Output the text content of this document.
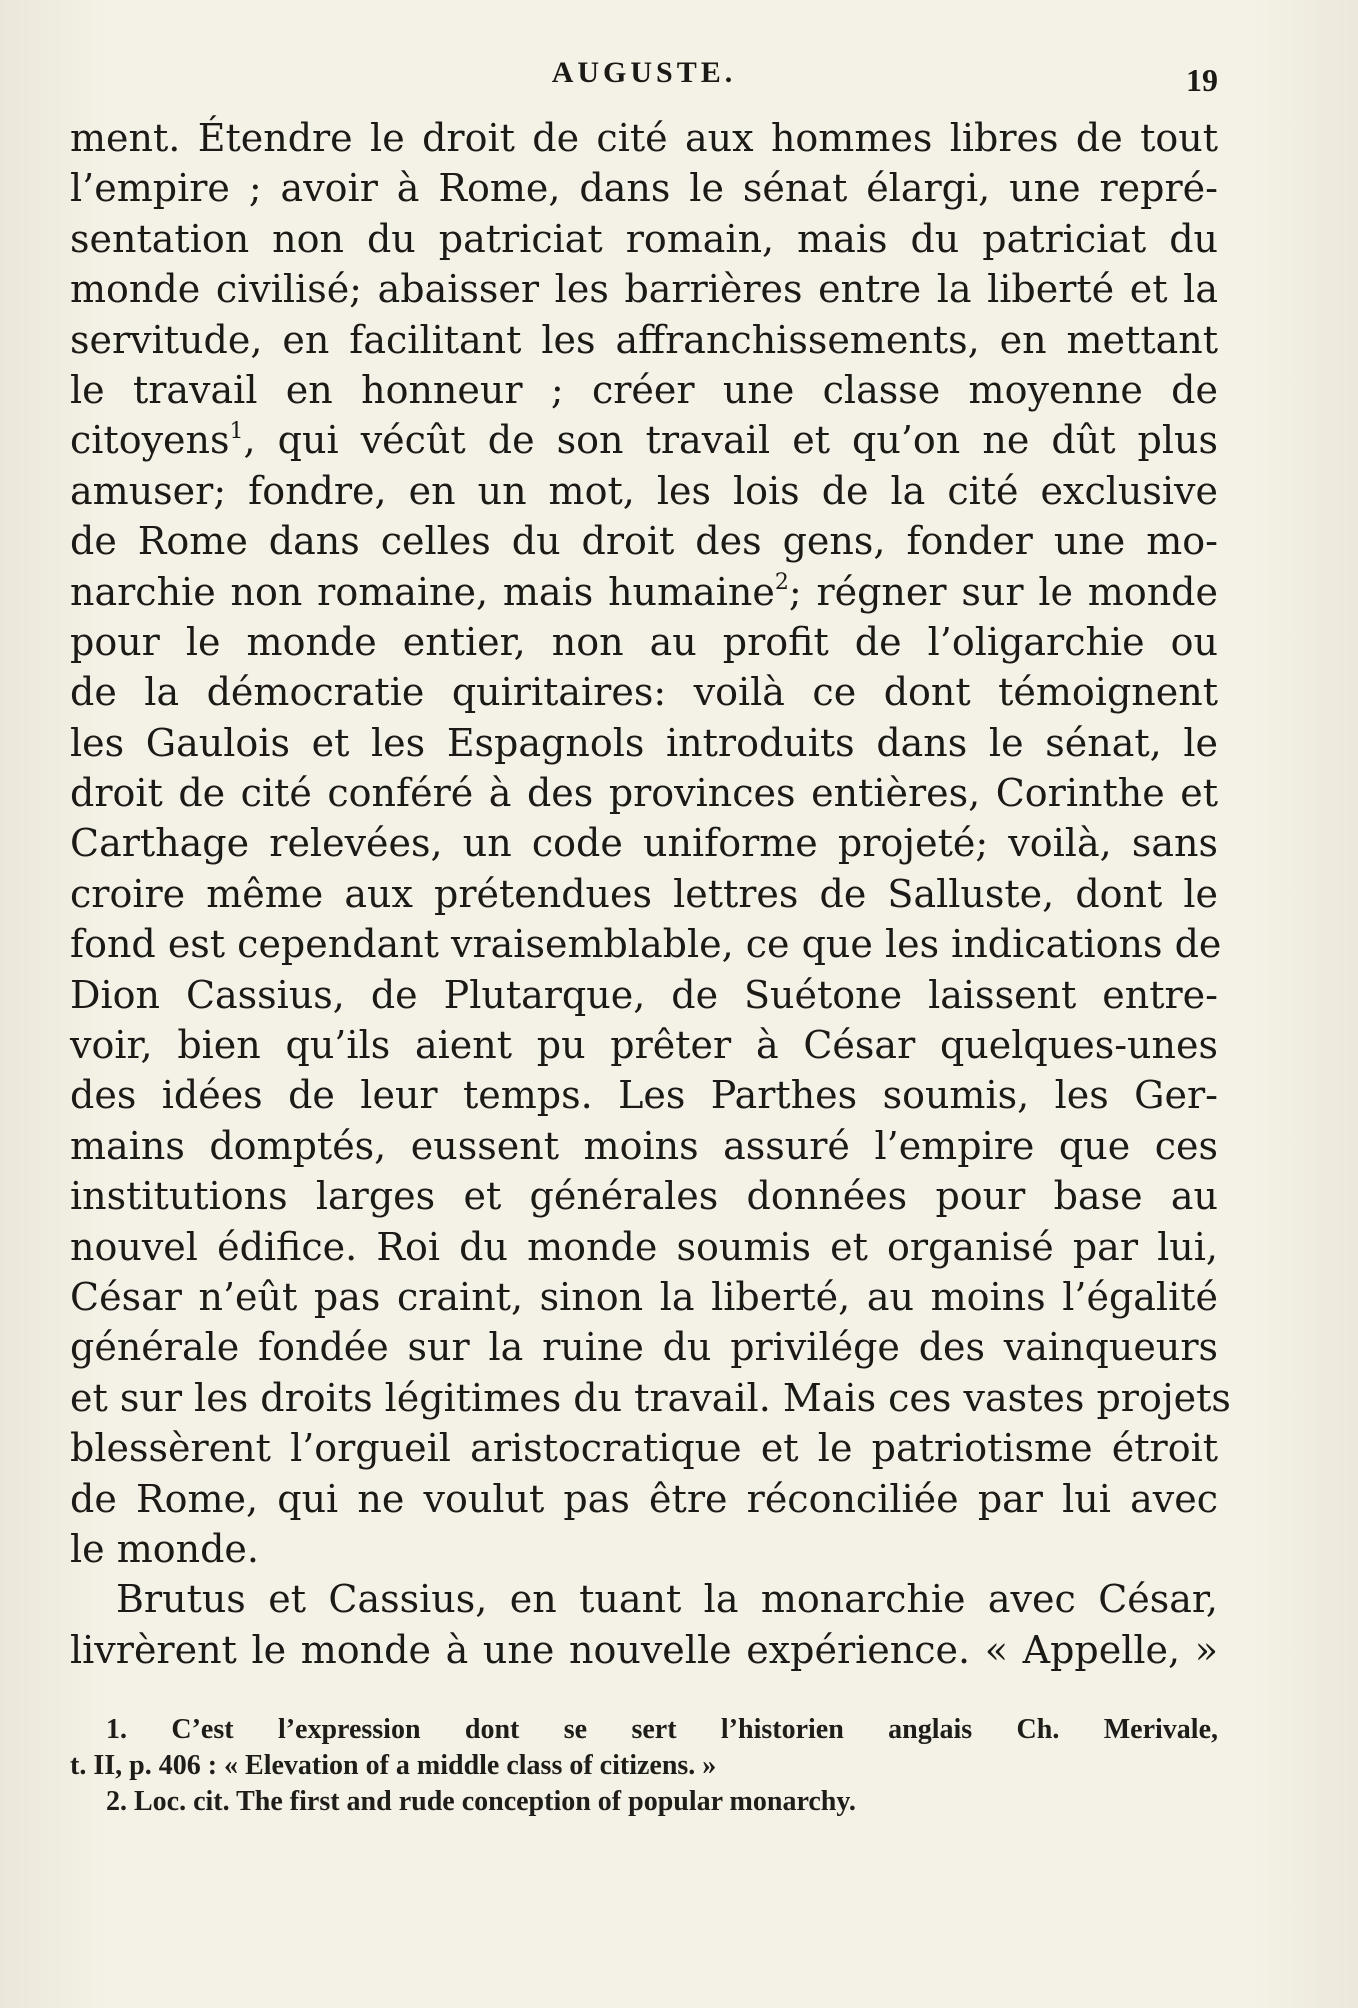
AUGUSTE.	19
ment. Étendre le droit de cité aux hommes libres de tout
l’empire ; avoir à Rome, dans le sénat élargi, une repré-
sentation non du patriciat romain, mais du patriciat du
monde civilisé; abaisser les barrières entre la liberté et la
servitude, en facilitant les affranchissements, en mettant
le travail en honneur ; créer une classe moyenne de
citoyens$^1$, qui vécût de son travail et qu’on ne dût plus
amuser; fondre, en un mot, les lois de la cité exclusive
de Rome dans celles du droit des gens, fonder une mo-
narchie non romaine, mais humaine$^2$; régner sur le monde
pour le monde entier, non au profit de l’oligarchie ou
de la démocratie quiritaires: voilà ce dont témoignent
les Gaulois et les Espagnols introduits dans le sénat, le
droit de cité conféré à des provinces entières, Corinthe et
Carthage relevées, un code uniforme projeté; voilà, sans
croire même aux prétendues lettres de Salluste, dont le
fond est cependant vraisemblable, ce que les indications de
Dion Cassius, de Plutarque, de Suétone laissent entre-
voir, bien qu’ils aient pu prêter à César quelques-unes
des idées de leur temps. Les Parthes soumis, les Ger-
mains domptés, eussent moins assuré l’empire que ces
institutions larges et générales données pour base au
nouvel édifice. Roi du monde soumis et organisé par lui,
César n’eût pas craint, sinon la liberté, au moins l’égalité
générale fondée sur la ruine du privilége des vainqueurs
et sur les droits légitimes du travail. Mais ces vastes projets
blessèrent l’orgueil aristocratique et le patriotisme étroit
de Rome, qui ne voulut pas être réconciliée par lui avec
le monde.
Brutus et Cassius, en tuant la monarchie avec César,
livrèrent le monde à une nouvelle expérience. « Appelle, »
1. C’est l’expression dont se sert l’historien anglais Ch. Merivale,
t. II, p. 406 : « Elevation of a middle class of citizens. »
2. Loc. cit. The first and rude conception of popular monarchy.
